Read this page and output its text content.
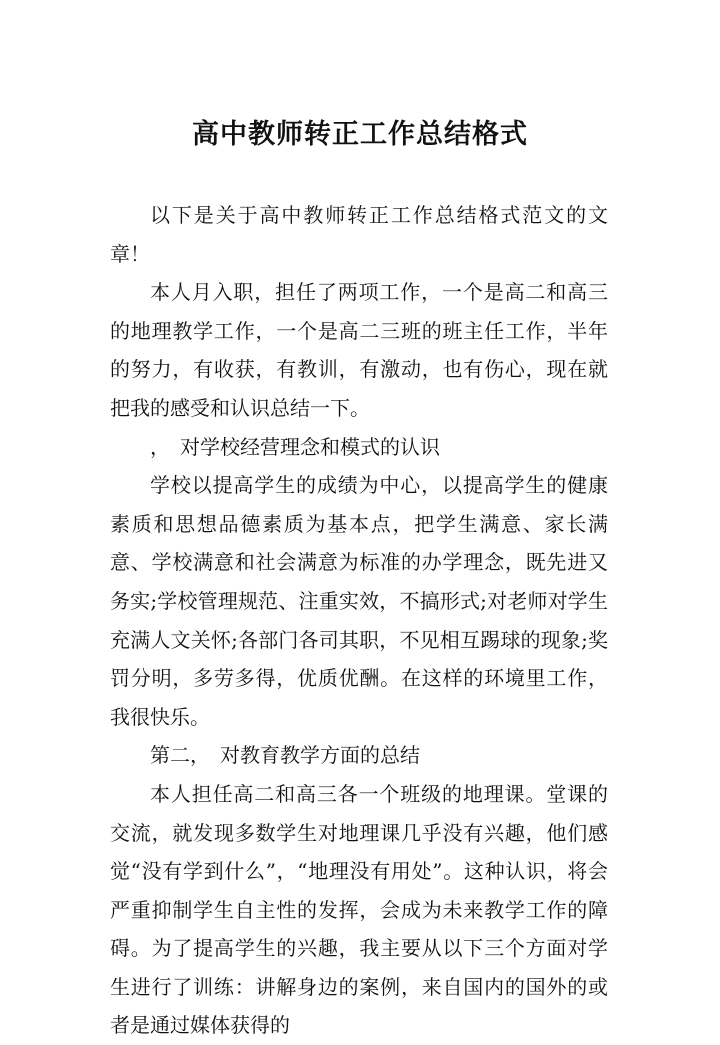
高中教师转正工作总结格式

以下是关于高中教师转正工作总结格式范文的文章！

本人月入职，担任了两项工作，一个是高二和高三的地理教学工作，一个是高二三班的班主任工作，半年的努力，有收获，有教训，有激动，也有伤心，现在就把我的感受和认识总结一下。

，　对学校经营理念和模式的认识

学校以提高学生的成绩为中心，以提高学生的健康素质和思想品德素质为基本点，把学生满意、家长满意、学校满意和社会满意为标准的办学理念，既先进又务实;学校管理规范、注重实效，不搞形式;对老师对学生充满人文关怀;各部门各司其职，不见相互踢球的现象;奖罚分明，多劳多得，优质优酬。在这样的环境里工作，我很快乐。

第二，　对教育教学方面的总结

本人担任高二和高三各一个班级的地理课。堂课的交流，就发现多数学生对地理课几乎没有兴趣，他们感觉“没有学到什么”，“地理没有用处”。这种认识，将会严重抑制学生自主性的发挥，会成为未来教学工作的障碍。为了提高学生的兴趣，我主要从以下三个方面对学生进行了训练：讲解身边的案例，来自国内的国外的或者是通过媒体获得的
